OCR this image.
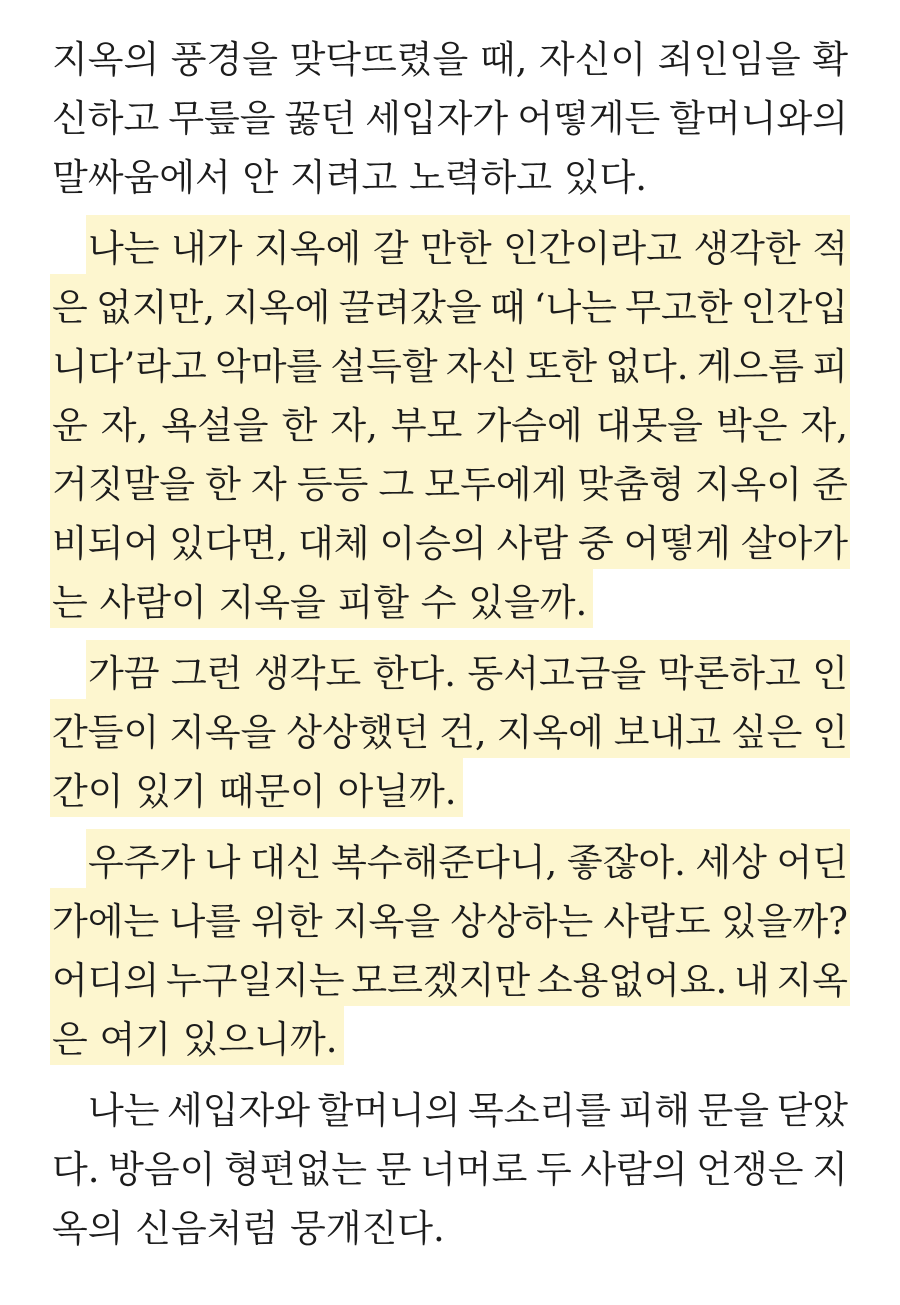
지옥의 풍경을 맞닥뜨렸을 때, 자신이 죄인임을 확
신하고 무릎을 꿇던 세입자가 어떻게든 할머니와의
말싸움에서
안
지려고
노력하고
있다.
나는 내가 지옥에 갈 만한 인간이라고 생각한 적
은 없지만, 지옥에 끌려갔을 때 ‘나는 무고한 인간입
니다’라고 악마를 설득할 자신 또한 없다. 게으름 피
운 자, 욕설을 한 자, 부모 가슴에 대못을 박은 자,
거짓말을 한 자 등등 그 모두에게 맞춤형 지옥이 준
비되어 있다면, 대체 이승의 사람 중 어떻게 살아가
는
사람이
지옥을
피할
수
있을까.
가끔 그런 생각도 한다. 동서고금을 막론하고 인
간들이 지옥을 상상했던 건, 지옥에 보내고 싶은 인
간이
있기
때문이
아닐까.
우주가 나 대신 복수해준다니, 좋잖아. 세상 어딘
가에는 나를 위한 지옥을 상상하는 사람도 있을까?
어디의 누구일지는 모르겠지만 소용없어요. 내 지옥
은
여기
있으니까.
나는 세입자와 할머니의 목소리를 피해 문을 닫았
다. 방음이 형편없는 문 너머로 두 사람의 언쟁은 지
옥의
신음처럼
뭉개진다.
